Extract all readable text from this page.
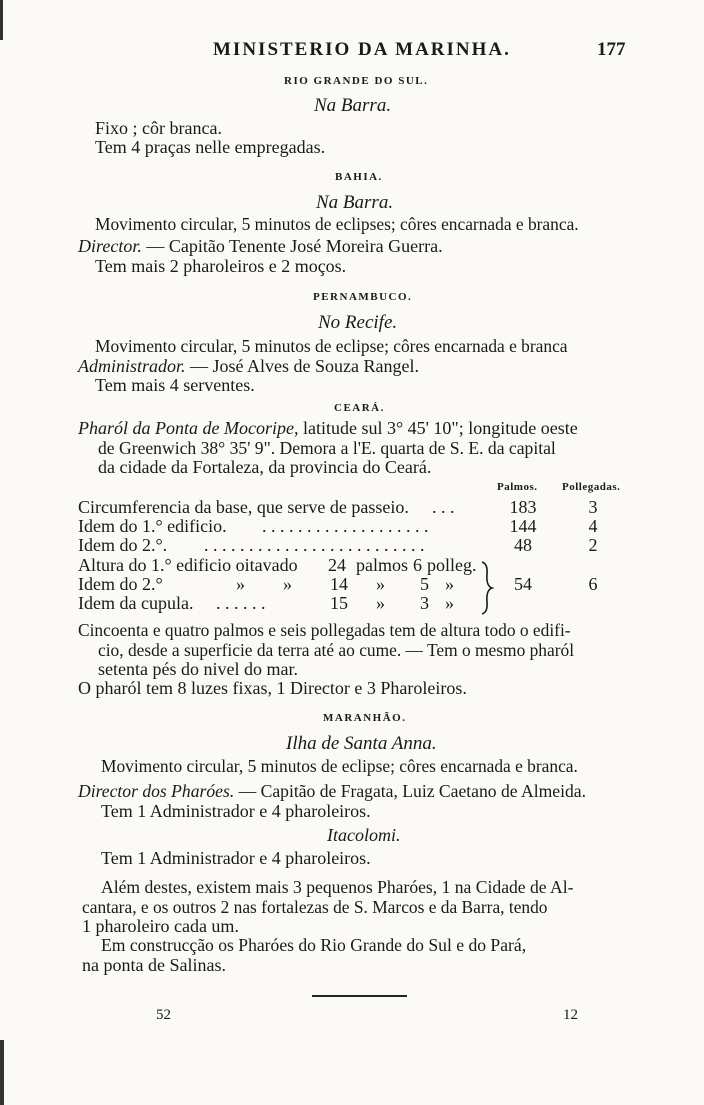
MINISTERIO DA MARINHA.	177
RIO GRANDE DO SUL.
Na Barra.
Fixo ; côr branca.
Tem 4 praças nelle empregadas.
BAHIA.
Na Barra.
Movimento circular, 5 minutos de eclipses; côres encarnada e branca.
Director. — Capitão Tenente José Moreira Guerra.
Tem mais 2 pharoleiros e 2 moços.
PERNAMBUCO.
No Recife.
Movimento circular, 5 minutos de eclipse; côres encarnada e branca
Administrador. — José Alves de Souza Rangel.
Tem mais 4 serventes.
CEARÁ.
Pharól da Ponta de Mocoripe, latitude sul 3° 45' 10"; longitude oeste
de Greenwich 38° 35' 9". Demora a l'E. quarta de S. E. da capital
da cidade da Fortaleza, da provincia do Ceará.
Palmos. Pollegadas.
Circumferencia da base, que serve de passeio. . . .	183	3
Idem do 1.° edificio. . . . . . . . . . . . . . . . . . . .	144	4
Idem do 2.°. . . . . . . . . . . . . . . . . . . . . . . . . .	48	2
Altura do 1.° edificio oitavado 24 palmos 6 polleg.
Idem do 2.°	» » 14 » 5 »
Idem da cupula. . . . . . .	15 » 3 »
54	6
Cincoenta e quatro palmos e seis pollegadas tem de altura todo o edifi-
cio, desde a superficie da terra até ao cume. — Tem o mesmo pharól
setenta pés do nivel do mar.
O pharól tem 8 luzes fixas, 1 Director e 3 Pharoleiros.
MARANHÃO.
Ilha de Santa Anna.
Movimento circular, 5 minutos de eclipse; côres encarnada e branca.
Director dos Pharóes. — Capitão de Fragata, Luiz Caetano de Almeida.
Tem 1 Administrador e 4 pharoleiros.
Itacolomi.
Tem 1 Administrador e 4 pharoleiros.
Além destes, existem mais 3 pequenos Pharóes, 1 na Cidade de Al-
cantara, e os outros 2 nas fortalezas de S. Marcos e da Barra, tendo
1 pharoleiro cada um.
Em construcção os Pharóes do Rio Grande do Sul e do Pará,
na ponta de Salinas.
52	12
